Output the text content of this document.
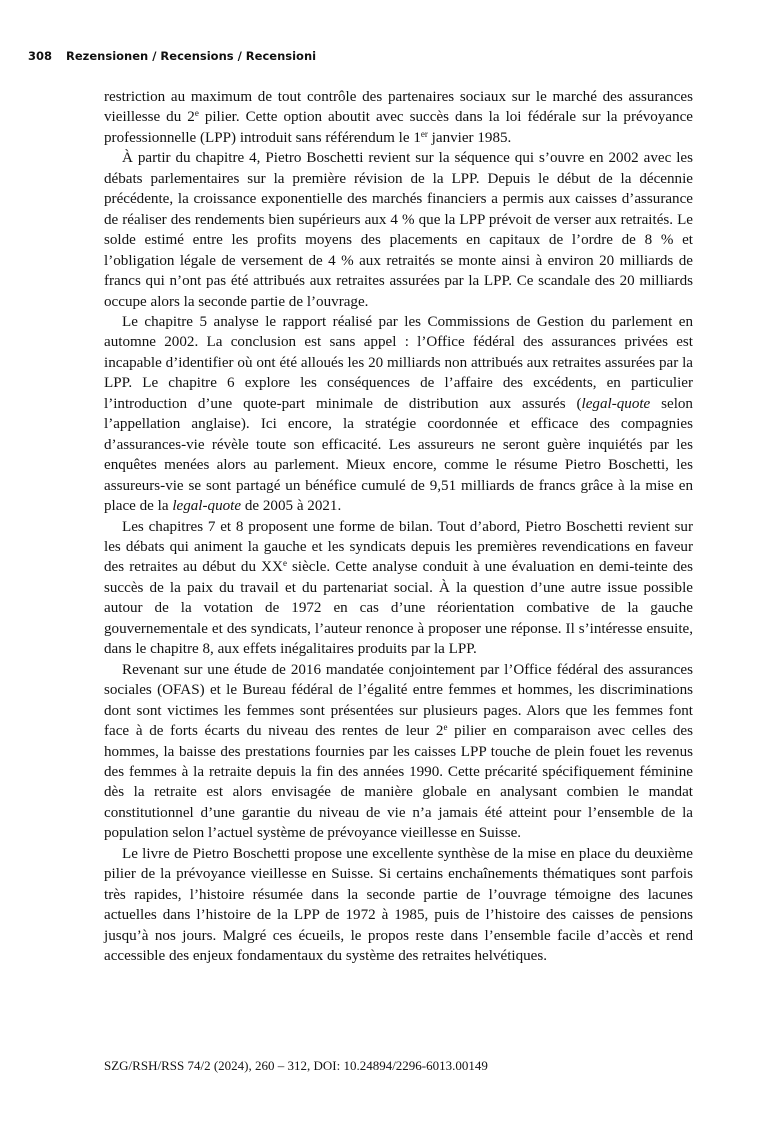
308 Rezensionen / Recensions / Recensioni

restriction au maximum de tout contrôle des partenaires sociaux sur le marché des assurances vieillesse du 2e pilier. Cette option aboutit avec succès dans la loi fédérale sur la prévoyance professionnelle (LPP) introduit sans référendum le 1er janvier 1985.

À partir du chapitre 4, Pietro Boschetti revient sur la séquence qui s’ouvre en 2002 avec les débats parlementaires sur la première révision de la LPP. Depuis le début de la décennie précédente, la croissance exponentielle des marchés financiers a permis aux caisses d’assurance de réaliser des rendements bien supérieurs aux 4 % que la LPP prévoit de verser aux retraités. Le solde estimé entre les profits moyens des placements en capitaux de l’ordre de 8 % et l’obligation légale de versement de 4 % aux retraités se monte ainsi à environ 20 milliards de francs qui n’ont pas été attribués aux retraites assurées par la LPP. Ce scandale des 20 milliards occupe alors la seconde partie de l’ouvrage.

Le chapitre 5 analyse le rapport réalisé par les Commissions de Gestion du parlement en automne 2002. La conclusion est sans appel : l’Office fédéral des assurances privées est incapable d’identifier où ont été alloués les 20 milliards non attribués aux retraites assurées par la LPP. Le chapitre 6 explore les conséquences de l’affaire des excédents, en particulier l’introduction d’une quote-part minimale de distribution aux assurés (legal-quote selon l’appellation anglaise). Ici encore, la stratégie coordonnée et efficace des compagnies d’assurances-vie révèle toute son efficacité. Les assureurs ne seront guère inquiétés par les enquêtes menées alors au parlement. Mieux encore, comme le résume Pietro Boschetti, les assureurs-vie se sont partagé un bénéfice cumulé de 9,51 milliards de francs grâce à la mise en place de la legal-quote de 2005 à 2021.

Les chapitres 7 et 8 proposent une forme de bilan. Tout d’abord, Pietro Boschetti revient sur les débats qui animent la gauche et les syndicats depuis les premières revendications en faveur des retraites au début du XXe siècle. Cette analyse conduit à une évaluation en demi-teinte des succès de la paix du travail et du partenariat social. À la question d’une autre issue possible autour de la votation de 1972 en cas d’une réorientation combative de la gauche gouvernementale et des syndicats, l’auteur renonce à proposer une réponse. Il s’intéresse ensuite, dans le chapitre 8, aux effets inégalitaires produits par la LPP.

Revenant sur une étude de 2016 mandatée conjointement par l’Office fédéral des assurances sociales (OFAS) et le Bureau fédéral de l’égalité entre femmes et hommes, les discriminations dont sont victimes les femmes sont présentées sur plusieurs pages. Alors que les femmes font face à de forts écarts du niveau des rentes de leur 2e pilier en comparaison avec celles des hommes, la baisse des prestations fournies par les caisses LPP touche de plein fouet les revenus des femmes à la retraite depuis la fin des années 1990. Cette précarité spécifiquement féminine dès la retraite est alors envisagée de manière globale en analysant combien le mandat constitutionnel d’une garantie du niveau de vie n’a jamais été atteint pour l’ensemble de la population selon l’actuel système de prévoyance vieillesse en Suisse.

Le livre de Pietro Boschetti propose une excellente synthèse de la mise en place du deuxième pilier de la prévoyance vieillesse en Suisse. Si certains enchaînements thématiques sont parfois très rapides, l’histoire résumée dans la seconde partie de l’ouvrage témoigne des lacunes actuelles dans l’histoire de la LPP de 1972 à 1985, puis de l’histoire des caisses de pensions jusqu’à nos jours. Malgré ces écueils, le propos reste dans l’ensemble facile d’accès et rend accessible des enjeux fondamentaux du système des retraites helvétiques.

SZG/RSH/RSS 74/2 (2024), 260 – 312, DOI: 10.24894/2296-6013.00149
